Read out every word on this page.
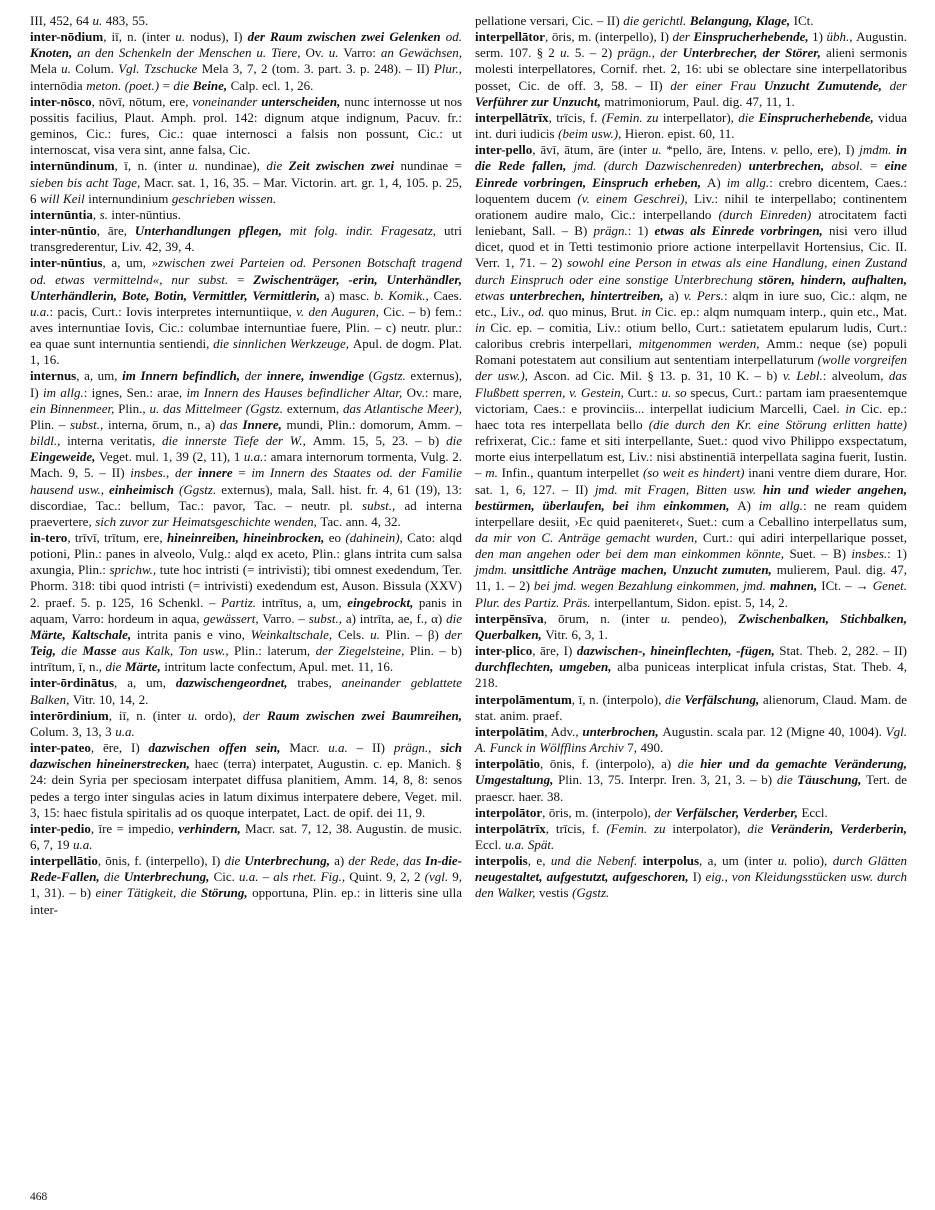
III, 452, 64 u. 483, 55.

inter-nōdium, iī, n. (inter u. nodus), I) der Raum zwischen zwei Gelenken od. Knoten, an den Schenkeln der Menschen u. Tiere, Ov. u. Varro: an Gewächsen, Mela u. Colum. Vgl. Tzschucke Mela 3, 7, 2 (tom. 3. part. 3. p. 248). – II) Plur., internōdia meton. (poet.) = die Beine, Calp. ecl. 1, 26.

inter-nōsco, nōvī, nōtum, ere, voneinander unterscheiden, nunc internosse ut nos possitis facilius, Plaut. Amph. prol. 142: dignum atque indignum, Pacuv. fr.: geminos, Cic.: fures, Cic.: quae internosci a falsis non possunt, Cic.: ut internoscat, visa vera sint, anne falsa, Cic.

internūndinum, ī, n. (inter u. nundinae), die Zeit zwischen zwei nundinae = sieben bis acht Tage, Macr. sat. 1, 16, 35. – Mar. Victorin. art. gr. 1, 4, 105. p. 25, 6 will Keil internundinium geschrieben wissen.

internūntia, s. inter-nūntius.

inter-nūntio, āre, Unterhandlungen pflegen, mit folg. indir. Fragesatz, utri transgrederentur, Liv. 42, 39, 4.

inter-nūntius, a, um, »zwischen zwei Parteien od. Personen Botschaft tragend od. etwas vermittelnd«, nur subst. = Zwischenträger, -erin, Unterhändler, Unterhändlerin, Bote, Botin, Vermittler, Vermittlerin, a) masc. b. Komik., Caes. u.a.: pacis, Curt.: Iovis interpretes internuntiique, v. den Auguren, Cic. – b) fem.: aves internuntiae Iovis, Cic.: columbae internuntiae fuere, Plin. – c) neutr. plur.: ea quae sunt internuntia sentiendi, die sinnlichen Werkzeuge, Apul. de dogm. Plat. 1, 16.

internus, a, um, im Innern befindlich, der innere, inwendige (Ggstz. externus), I) im allg.: ignes, Sen.: arae, im Innern des Hauses befindlicher Altar, Ov.: mare, ein Binnenmeer, Plin., u. das Mittelmeer (Ggstz. externum, das Atlantische Meer), Plin. – subst., interna, ōrum, n., a) das Innere, mundi, Plin.: domorum, Amm. – bildl., interna veritatis, die innerste Tiefe der W., Amm. 15, 5, 23. – b) die Eingeweide, Veget. mul. 1, 39 (2, 11), 1 u.a.: amara internorum tormenta, Vulg. 2. Mach. 9, 5. – II) insbes., der innere = im Innern des Staates od. der Familie hausend usw., einheimisch (Ggstz. externus), mala, Sall. hist. fr. 4, 61 (19), 13: discordiae, Tac.: bellum, Tac.: pavor, Tac. – neutr. pl. subst., ad interna praevertere, sich zuvor zur Heimatsgeschichte wenden, Tac. ann. 4, 32.

in-tero, trīvī, trītum, ere, hineinreiben, hineinbrocken, eo (dahinein), Cato: alqd potioni, Plin.: panes in alveolo, Vulg.: alqd ex aceto, Plin.: glans intrita cum salsa axungia, Plin.: sprichw., tute hoc intristi (= intrivisti); tibi omnest exedendum, Ter. Phorm. 318: tibi quod intristi (= intrivisti) exedendum est, Auson. Bissula (XXV) 2. praef. 5. p. 125, 16 Schenkl. – Partiz. intrītus, a, um, eingebrockt, panis in aquam, Varro: hordeum in aqua, gewässert, Varro. – subst., a) intrīta, ae, f., α) die Märte, Kaltschale, intrita panis e vino, Weinkaltschale, Cels. u. Plin. – β) der Teig, die Masse aus Kalk, Ton usw., Plin.: laterum, der Ziegelsteine, Plin. – b) intrītum, ī, n., die Märte, intritum lacte confectum, Apul. met. 11, 16.

inter-ōrdinātus, a, um, dazwischengeordnet, trabes, aneinander geblattete Balken, Vitr. 10, 14, 2.

interōrdinium, iī, n. (inter u. ordo), der Raum zwischen zwei Baumreihen, Colum. 3, 13, 3 u.a.

inter-pateo, ēre, I) dazwischen offen sein, Macr. u.a. – II) prägn., sich dazwischen hineinerstrecken, haec (terra) interpatet, Augustin. c. ep. Manich. § 24: dein Syria per speciosam interpatet diffusa planitiem, Amm. 14, 8, 8: senos pedes a tergo inter singulas acies in latum diximus interpatere debere, Veget. mil. 3, 15: haec fistula spiritalis ad os quoque interpatet, Lact. de opif. dei 11, 9.

inter-pedio, īre = impedio, verhindern, Macr. sat. 7, 12, 38. Augustin. de music. 6, 7, 19 u.a.

interpellātio, ōnis, f. (interpello), I) die Unterbrechung, a) der Rede, das In-die-Rede-Fallen, die Unterbrechung, Cic. u.a. – als rhet. Fig., Quint. 9, 2, 2 (vgl. 9, 1, 31). – b) einer Tätigkeit, die Störung, opportuna, Plin. ep.: in litteris sine ulla inter-

pellatione versari, Cic. – II) die gerichtl. Belangung, Klage, ICt.

interpellātor, ōris, m. (interpello), I) der Einsprucherhebende, 1) übh., Augustin. serm. 107. § 2 u. 5. – 2) prägn., der Unterbrecher, der Störer, alieni sermonis molesti interpellatores, Cornif. rhet. 2, 16: ubi se oblectare sine interpellatoribus posset, Cic. de off. 3, 58. – II) der einer Frau Unzucht Zumutende, der Verführer zur Unzucht, matrimoniorum, Paul. dig. 47, 11, 1.

interpellātrīx, trīcis, f. (Femin. zu interpellator), die Einsprucherhebende, vidua int. duri iudicis (beim usw.), Hieron. epist. 60, 11.

inter-pello, āvī, ātum, āre (inter u. *pello, āre, Intens. v. pello, ere), I) jmdm. in die Rede fallen, jmd. (durch Dazwischenreden) unterbrechen, absol. = eine Einrede vorbringen, Einspruch erheben, A) im allg.: crebro dicentem, Caes.: loquentem ducem (v. einem Geschrei), Liv.: nihil te interpellabo; continentem orationem audire malo, Cic.: interpellando (durch Einreden) atrocitatem facti leniebant, Sall. – B) prägn.: 1) etwas als Einrede vorbringen, nisi vero illud dicet, quod et in Tetti testimonio priore actione interpellavit Hortensius, Cic. II. Verr. 1, 71. – 2) sowohl eine Person in etwas als eine Handlung, einen Zustand durch Einspruch oder eine sonstige Unterbrechung stören, hindern, aufhalten, etwas unterbrechen, hintertreiben, a) v. Pers.: alqm in iure suo, Cic.: alqm, ne etc., Liv., od. quo minus, Brut. in Cic. ep.: alqm numquam interp., quin etc., Mat. in Cic. ep. – comitia, Liv.: otium bello, Curt.: satietatem epularum ludis, Curt.: caloribus crebris interpellari, mitgenommen werden, Amm.: neque (se) populi Romani potestatem aut consilium aut sententiam interpellaturum (wolle vorgreifen der usw.), Ascon. ad Cic. Mil. § 13. p. 31, 10 K. – b) v. Lebl.: alveolum, das Flußbett sperren, v. Gestein, Curt.: u. so specus, Curt.: partam iam praesentemque victoriam, Caes.: e provinciis... interpellat iudicium Marcelli, Cael. in Cic. ep.: haec tota res interpellata bello (die durch den Kr. eine Störung erlitten hatte) refrixerat, Cic.: fame et siti interpellante, Suet.: quod vivo Philippo exspectatum, morte eius interpellatum est, Liv.: nisi abstinentiā interpellata sagina fuerit, Iustin. – m. Infin., quantum interpellet (so weit es hindert) inani ventre diem durare, Hor. sat. 1, 6, 127. – II) jmd. mit Fragen, Bitten usw. hin und wieder angehen, bestürmen, überlaufen, bei ihm einkommen, A) im allg.: ne ream quidem interpellare desiit, ›Ec quid paeniteret‹, Suet.: cum a Ceballino interpellatus sum, da mir von C. Anträge gemacht wurden, Curt.: qui adiri interpellarique posset, den man angehen oder bei dem man einkommen könnte, Suet. – B) insbes.: 1) jmdm. unsittliche Anträge machen, Unzucht zumuten, mulierem, Paul. dig. 47, 11, 1. – 2) bei jmd. wegen Bezahlung einkommen, jmd. mahnen, ICt. – → Genet. Plur. des Partiz. Präs. interpellantum, Sidon. epist. 5, 14, 2.

interpēnsīva, ōrum, n. (inter u. pendeo), Zwischenbalken, Stichbalken, Querbalken, Vitr. 6, 3, 1.

inter-plico, āre, I) dazwischen-, hineinflechten, -fügen, Stat. Theb. 2, 282. – II) durchflechten, umgeben, alba puniceas interplicat infula cristas, Stat. Theb. 4, 218.

interpolāmentum, ī, n. (interpolo), die Verfälschung, alienorum, Claud. Mam. de stat. anim. praef.

interpolātim, Adv., unterbrochen, Augustin. scala par. 12 (Migne 40, 1004). Vgl. A. Funck in Wölfflins Archiv 7, 490.

interpolātio, ōnis, f. (interpolo), a) die hier und da gemachte Veränderung, Umgestaltung, Plin. 13, 75. Interpr. Iren. 3, 21, 3. – b) die Täuschung, Tert. de praescr. haer. 38.

interpolātor, ōris, m. (interpolo), der Verfälscher, Verderber, Eccl.

interpolātrīx, trīcis, f. (Femin. zu interpolator), die Veränderin, Verderberin, Eccl. u.a. Spät.

interpolis, e, und die Nebenf. interpolus, a, um (inter u. polio), durch Glätten neugestaltet, aufgestutzt, aufgeschoren, I) eig., von Kleidungsstücken usw. durch den Walker, vestis (Ggstz.

468
